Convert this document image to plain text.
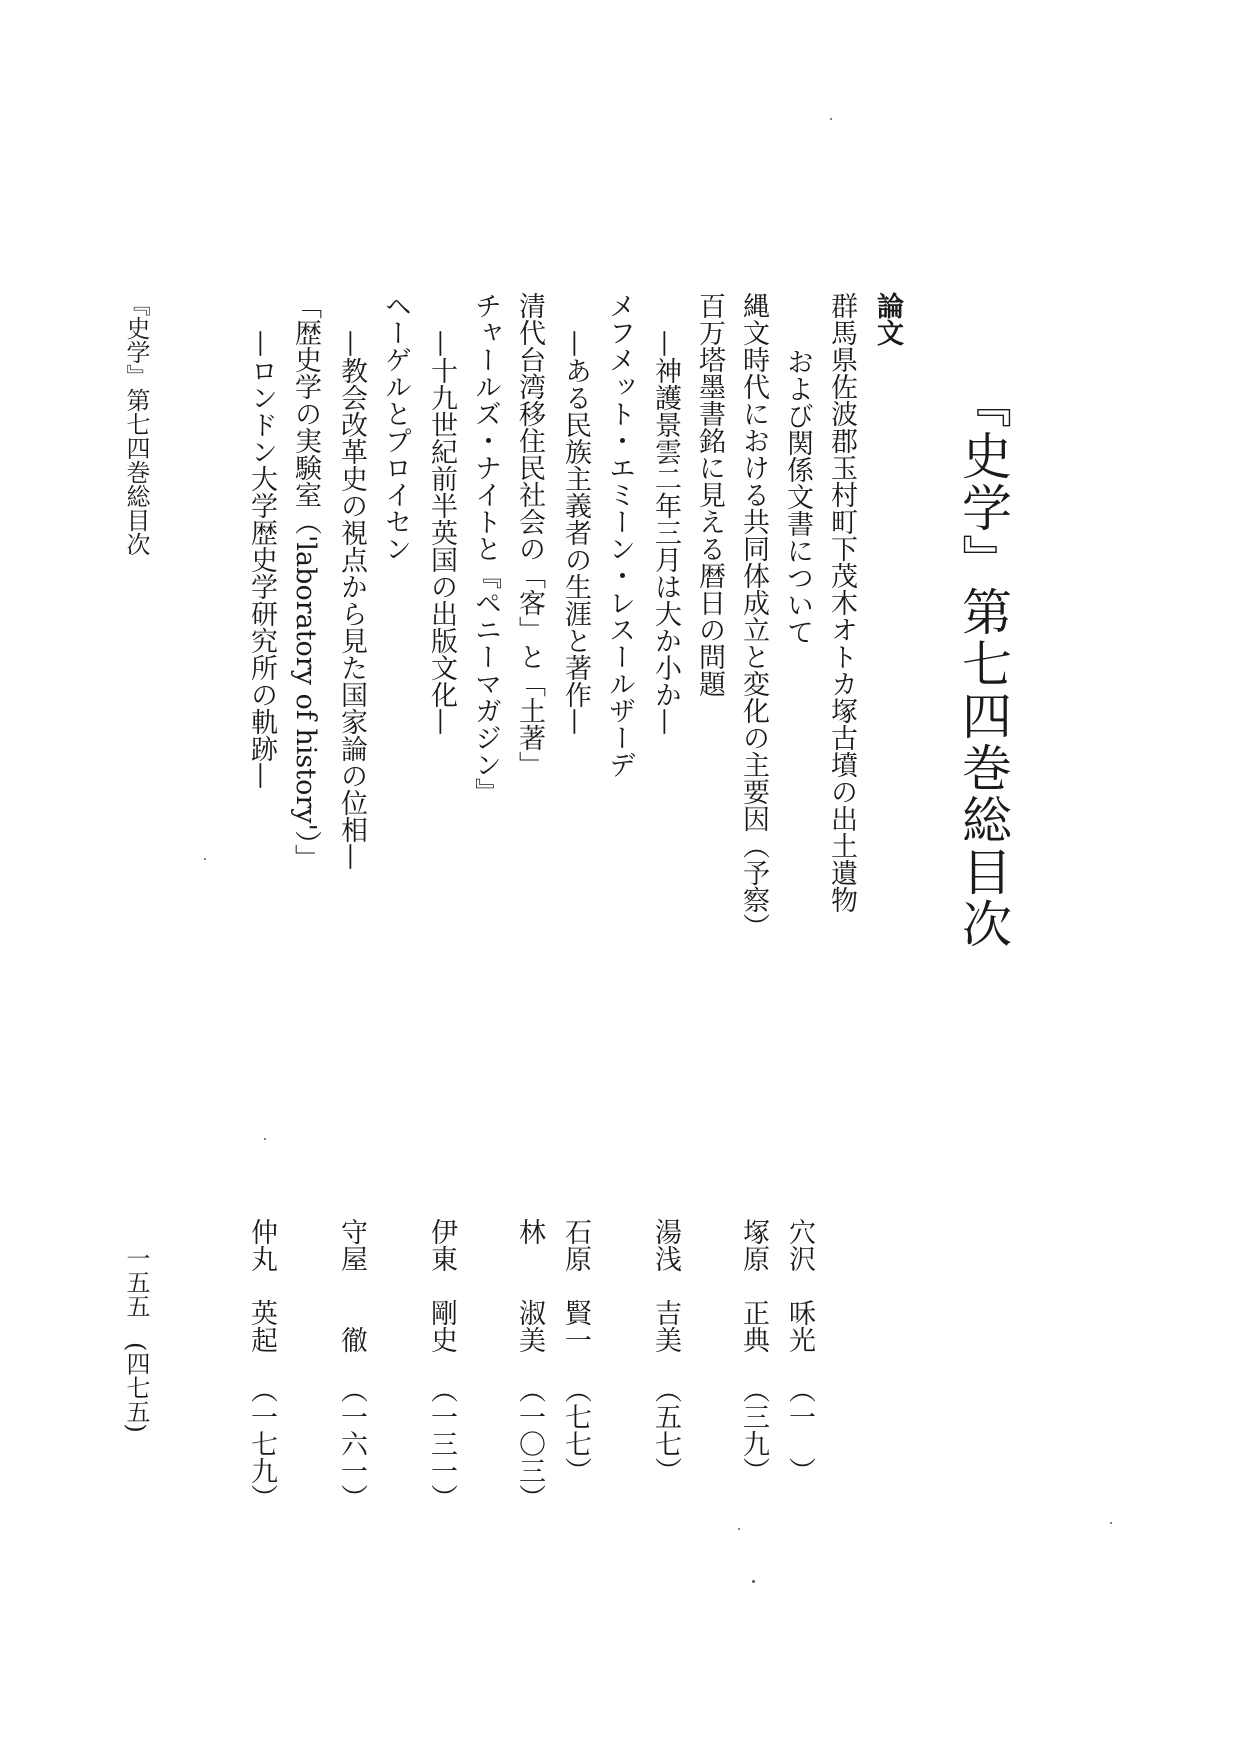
『史学』第七四巻総目次
論文
群馬県佐波郡玉村町下茂木オトカ塚古墳の出土遺物
および関係文書について
穴沢　咊光
（一　）
縄文時代における共同体成立と変化の主要因（予察）
塚原　正典
（三九）
百万塔墨書銘に見える暦日の問題
—神護景雲二年三月は大か小か—
湯浅　吉美
（五七）
メフメット・エミーン・レスールザーデ
—ある民族主義者の生涯と著作—
石原　賢一
（七七）
清代台湾移住民社会の「客」と「土著」
林　　淑美
（一〇三）
チャールズ・ナイトと『ペニーマガジン』
—十九世紀前半英国の出版文化—
伊東　剛史
（一三一）
ヘーゲルとプロイセン
—教会改革史の視点から見た国家論の位相—
守屋　　徹
（一六一）
「歴史学の実験室（'laboratory of history'）」
—ロンドン大学歴史学研究所の軌跡—
仲丸　英起
（一七九）
『史学』第七四巻総目次
一五五　(四七五)
